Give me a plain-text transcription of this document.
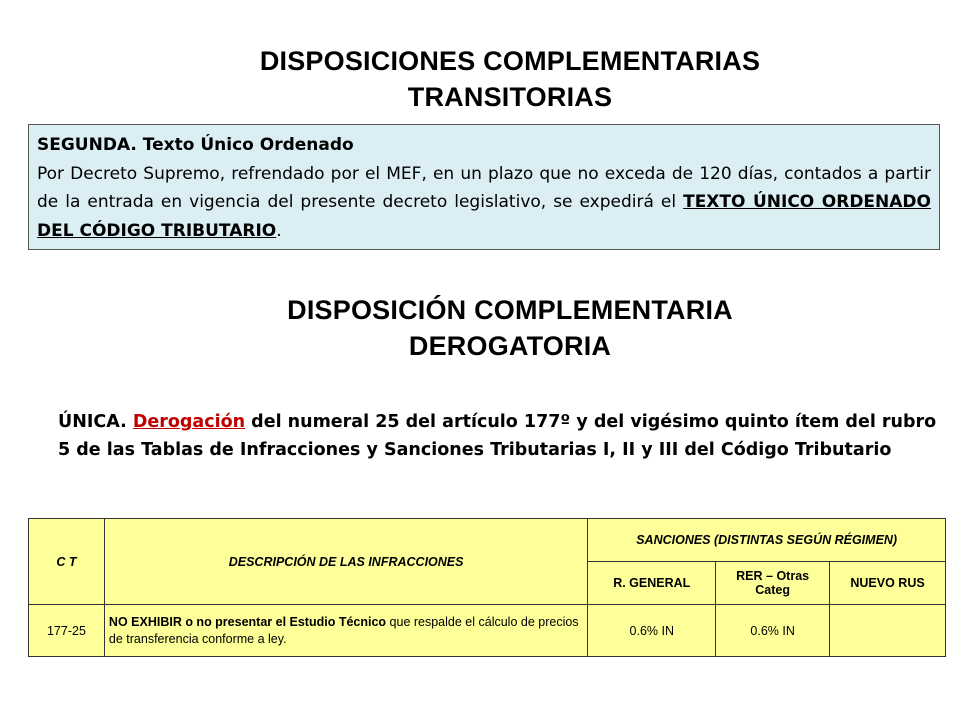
DISPOSICIONES COMPLEMENTARIAS
TRANSITORIAS
SEGUNDA. Texto Único Ordenado
Por Decreto Supremo, refrendado por el MEF, en un plazo que no exceda de 120 días, contados a partir de la entrada en vigencia del presente decreto legislativo, se expedirá el TEXTO ÚNICO ORDENADO DEL CÓDIGO TRIBUTARIO.
DISPOSICIÓN COMPLEMENTARIA
DEROGATORIA
ÚNICA. Derogación del numeral 25 del artículo 177º y del vigésimo quinto ítem del rubro 5 de las Tablas de Infracciones y Sanciones Tributarias I, II y III del Código Tributario
C T	DESCRIPCIÓN DE LAS INFRACCIONES	SANCIONES (DISTINTAS SEGÚN RÉGIMEN)		
		R. GENERAL	RER – Otras Categ	NUEVO RUS
177-25	NO EXHIBIR o no presentar el Estudio Técnico que respalde el cálculo de precios de transferencia conforme a ley.	0.6% IN	0.6% IN	
